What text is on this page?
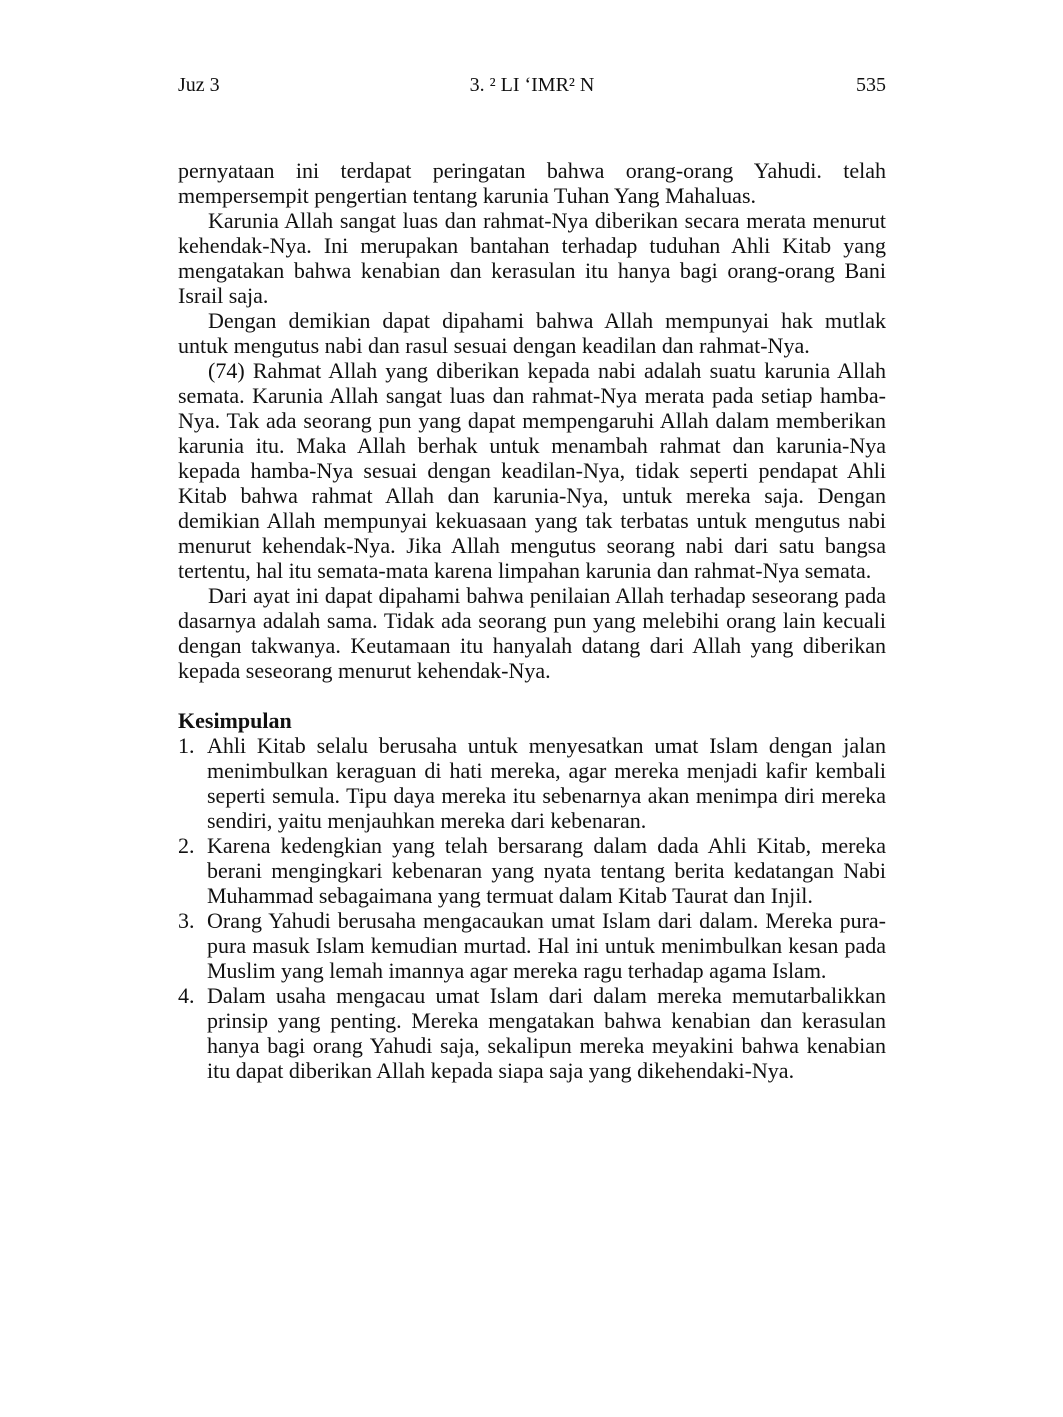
Juz 3	3. ² LI ‘IMR² N	535

pernyataan ini terdapat peringatan bahwa orang-orang Yahudi. telah mempersempit pengertian tentang karunia Tuhan Yang Mahaluas.

Karunia Allah sangat luas dan rahmat-Nya diberikan secara merata menurut kehendak-Nya. Ini merupakan bantahan terhadap tuduhan Ahli Kitab yang mengatakan bahwa kenabian dan kerasulan itu hanya bagi orang-orang Bani Israil saja.

Dengan demikian dapat dipahami bahwa Allah mempunyai hak mutlak untuk mengutus nabi dan rasul sesuai dengan keadilan dan rahmat-Nya.

(74) Rahmat Allah yang diberikan kepada nabi adalah suatu karunia Allah semata. Karunia Allah sangat luas dan rahmat-Nya merata pada setiap hamba-Nya. Tak ada seorang pun yang dapat mempengaruhi Allah dalam memberikan karunia itu. Maka Allah berhak untuk menambah rahmat dan karunia-Nya kepada hamba-Nya sesuai dengan keadilan-Nya, tidak seperti pendapat Ahli Kitab bahwa rahmat Allah dan karunia-Nya, untuk mereka saja. Dengan demikian Allah mempunyai kekuasaan yang tak terbatas untuk mengutus nabi menurut kehendak-Nya. Jika Allah mengutus seorang nabi dari satu bangsa tertentu, hal itu semata-mata karena limpahan karunia dan rahmat-Nya semata.

Dari ayat ini dapat dipahami bahwa penilaian Allah terhadap seseorang pada dasarnya adalah sama. Tidak ada seorang pun yang melebihi orang lain kecuali dengan takwanya. Keutamaan itu hanyalah datang dari Allah yang diberikan kepada seseorang menurut kehendak-Nya.

Kesimpulan
1. Ahli Kitab selalu berusaha untuk menyesatkan umat Islam dengan jalan menimbulkan keraguan di hati mereka, agar mereka menjadi kafir kembali seperti semula. Tipu daya mereka itu sebenarnya akan menimpa diri mereka sendiri, yaitu menjauhkan mereka dari kebenaran.
2. Karena kedengkian yang telah bersarang dalam dada Ahli Kitab, mereka berani mengingkari kebenaran yang nyata tentang berita kedatangan Nabi Muhammad sebagaimana yang termuat dalam Kitab Taurat dan Injil.
3. Orang Yahudi berusaha mengacaukan umat Islam dari dalam. Mereka pura-pura masuk Islam kemudian murtad. Hal ini untuk menimbulkan kesan pada Muslim yang lemah imannya agar mereka ragu terhadap agama Islam.
4. Dalam usaha mengacau umat Islam dari dalam mereka memutarbalikkan prinsip yang penting. Mereka mengatakan bahwa kenabian dan kerasulan hanya bagi orang Yahudi saja, sekalipun mereka meyakini bahwa kenabian itu dapat diberikan Allah kepada siapa saja yang dikehendaki-Nya.
